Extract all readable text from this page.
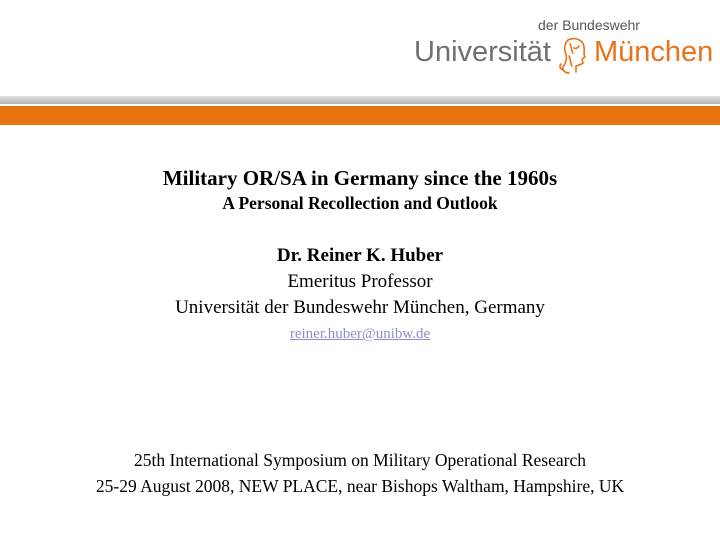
der Bundeswehr
Universität München
Military OR/SA in Germany since the 1960s
A Personal Recollection and Outlook
Dr. Reiner K. Huber
Emeritus Professor
Universität der Bundeswehr München, Germany
reiner.huber@unibw.de
25th International Symposium on Military Operational Research
25-29 August 2008, NEW PLACE, near Bishops Waltham, Hampshire, UK
